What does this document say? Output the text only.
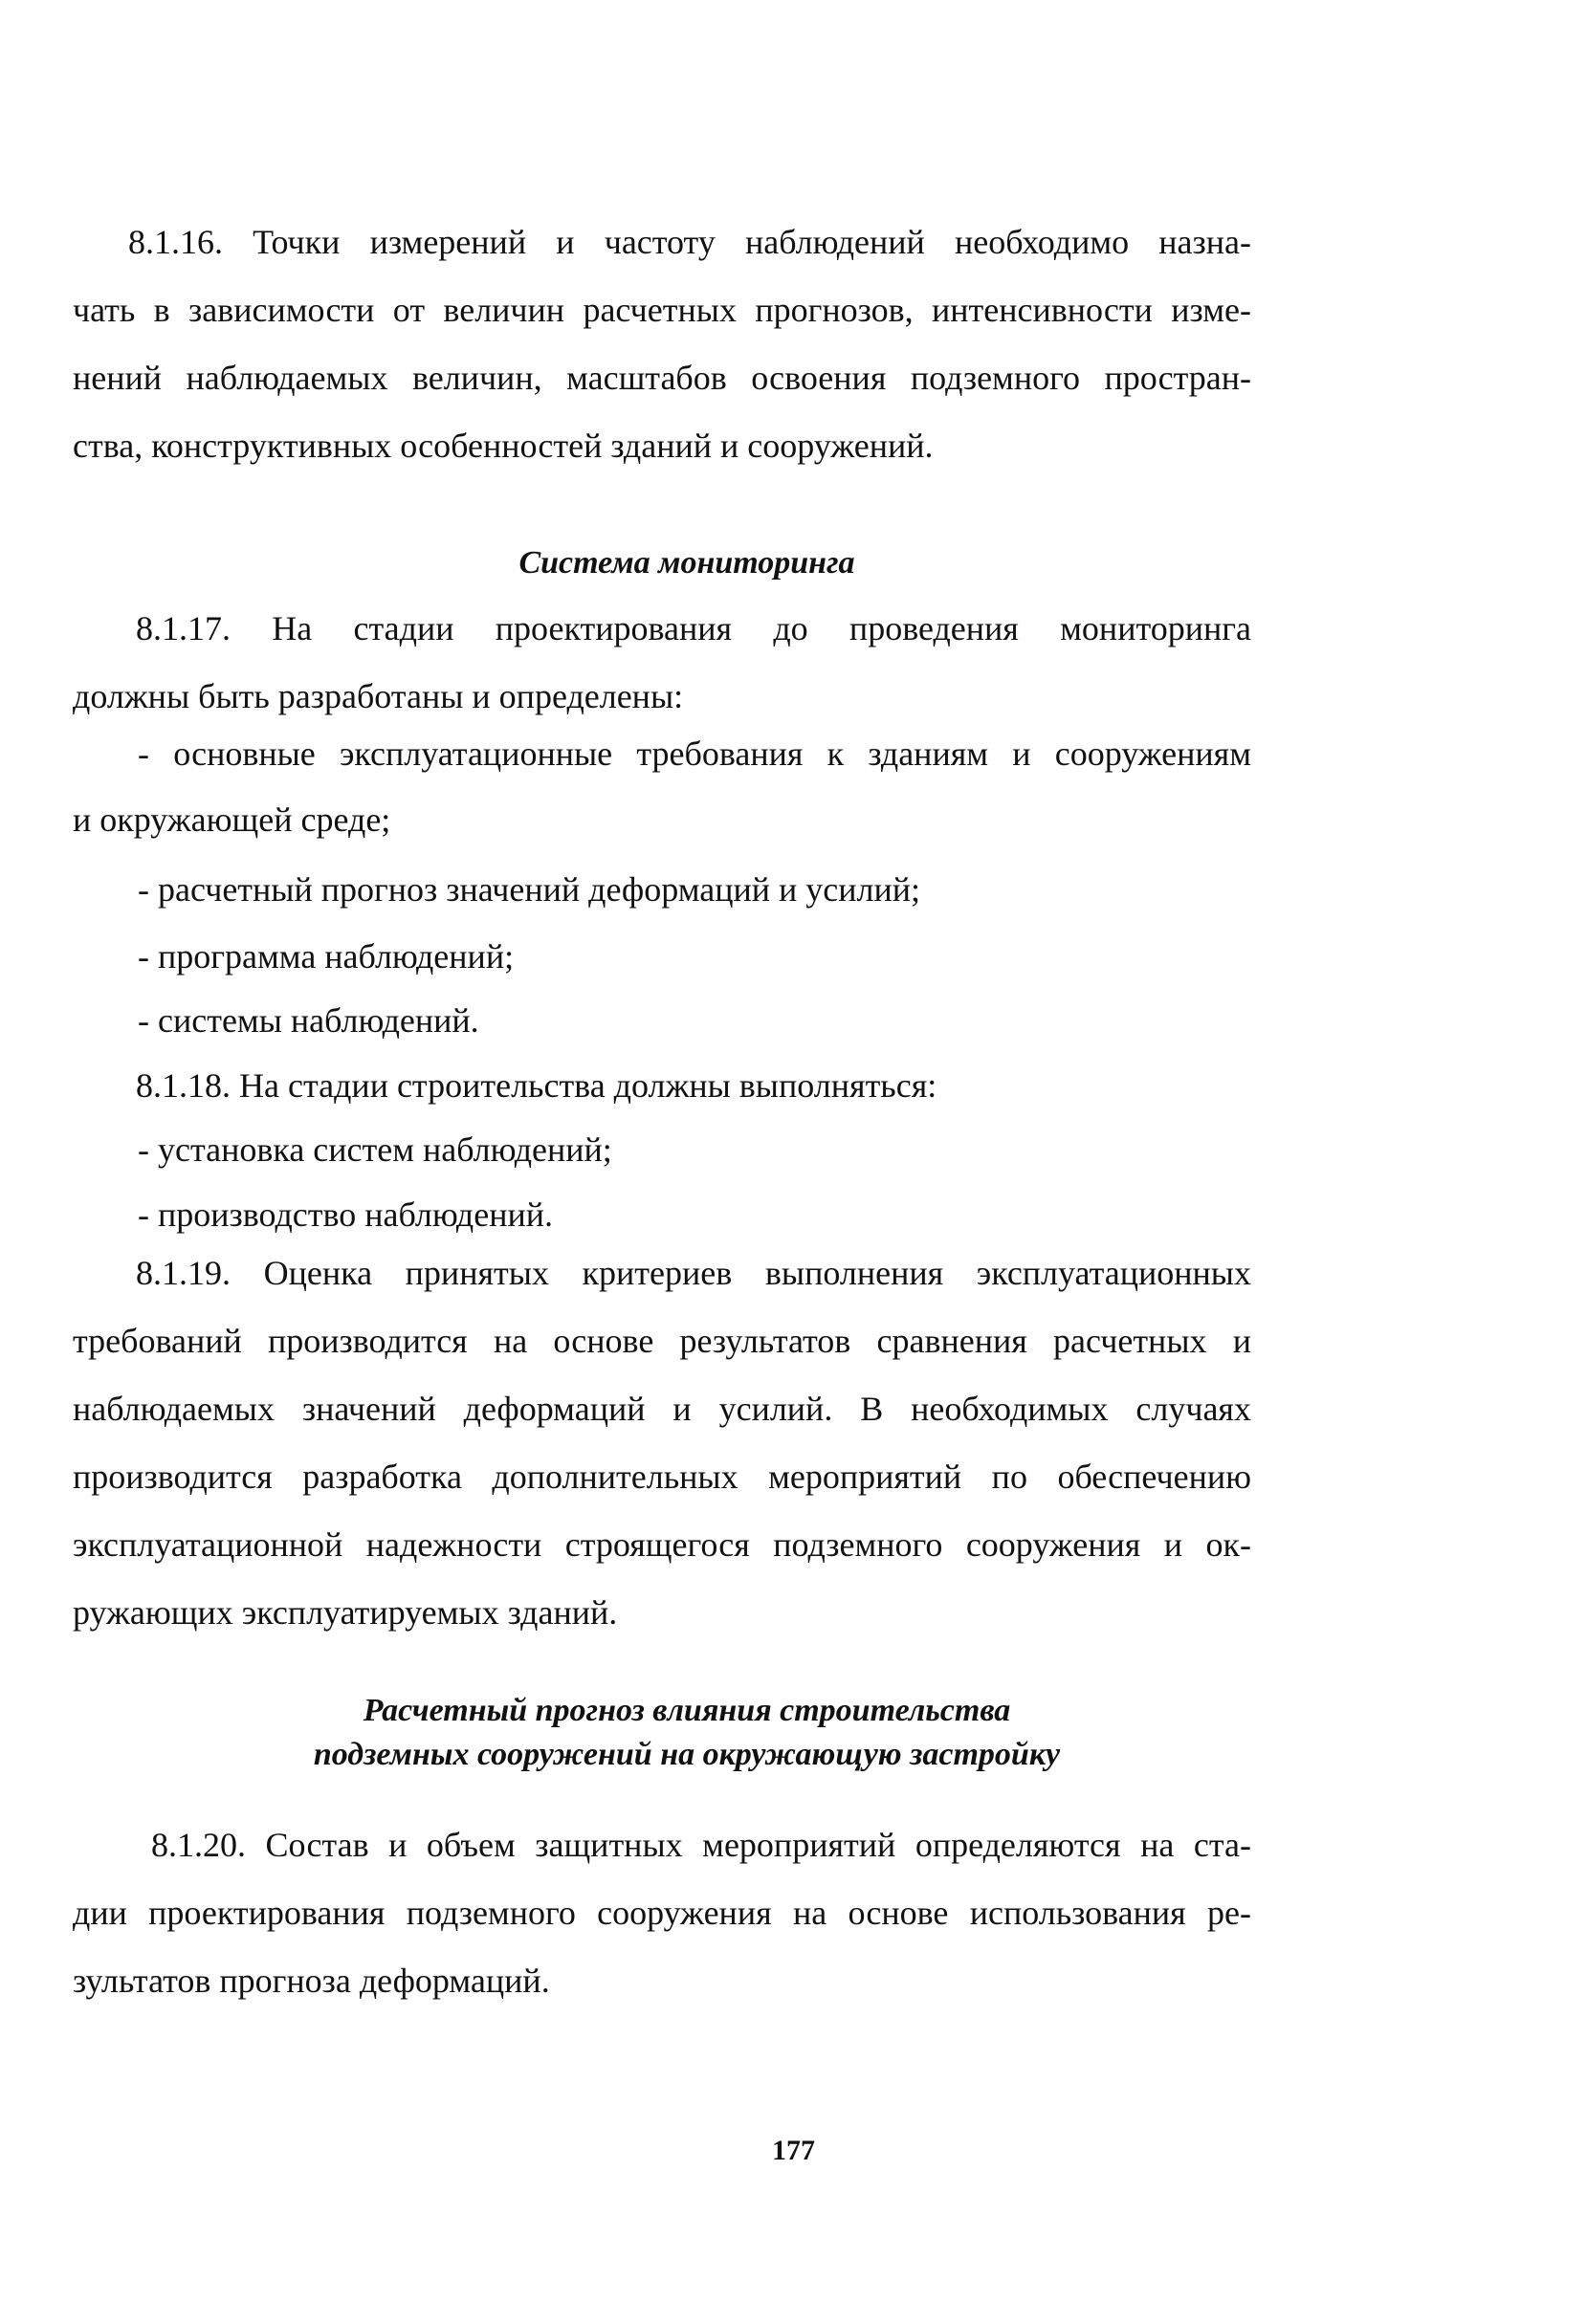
8.1.16. Точки измерений и частоту наблюдений необходимо назна-
чать в зависимости от величин расчетных прогнозов, интенсивности изме-
нений наблюдаемых величин, масштабов освоения подземного простран-
ства, конструктивных особенностей зданий и сооружений.
Система мониторинга
8.1.17. На стадии проектирования до проведения мониторинга
должны быть разработаны и определены:
- основные эксплуатационные требования к зданиям и сооружениям
и окружающей среде;
- расчетный прогноз значений деформаций и усилий;
- программа наблюдений;
- системы наблюдений.
8.1.18. На стадии строительства должны выполняться:
- установка систем наблюдений;
- производство наблюдений.
8.1.19. Оценка принятых критериев выполнения эксплуатационных
требований производится на основе результатов сравнения расчетных и
наблюдаемых значений деформаций и усилий. В необходимых случаях
производится разработка дополнительных мероприятий по обеспечению
эксплуатационной надежности строящегося подземного сооружения и ок-
ружающих эксплуатируемых зданий.
Расчетный прогноз влияния строительства
подземных сооружений на окружающую застройку
8.1.20. Состав и объем защитных мероприятий определяются на ста-
дии проектирования подземного сооружения на основе использования ре-
зультатов прогноза деформаций.
177
